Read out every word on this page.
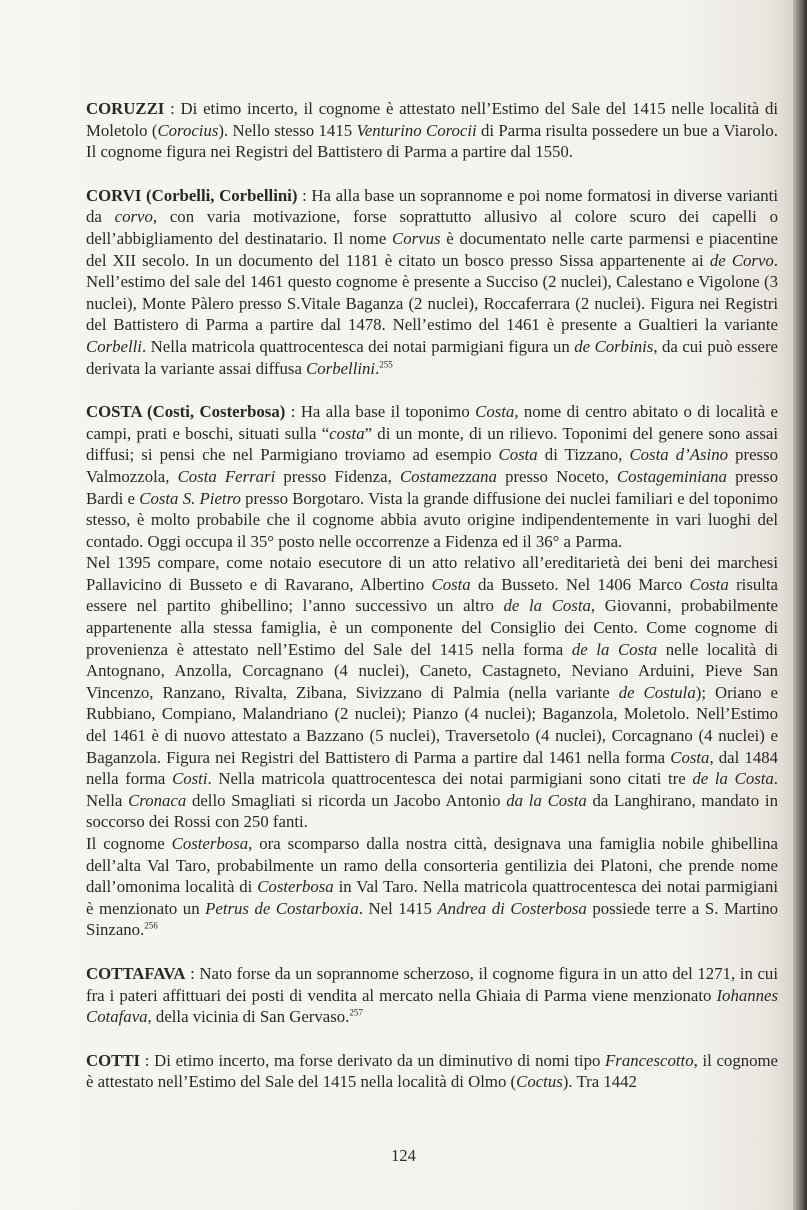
CORUZZI : Di etimo incerto, il cognome è attestato nell’Estimo del Sale del 1415 nelle località di Moletolo (Corocius). Nello stesso 1415 Venturino Corocii di Parma risulta possedere un bue a Viarolo. Il cognome figura nei Registri del Battistero di Parma a partire dal 1550.

CORVI (Corbelli, Corbellini) : Ha alla base un soprannome e poi nome formatosi in diverse varianti da corvo, con varia motivazione, forse soprattutto allusivo al colore scuro dei capelli o dell’abbigliamento del destinatario. Il nome Corvus è documentato nelle carte parmensi e piacentine del XII secolo. In un documento del 1181 è citato un bosco presso Sissa appartenente ai de Corvo. Nell’estimo del sale del 1461 questo cognome è presente a Succiso (2 nuclei), Calestano e Vigolone (3 nuclei), Monte Pàlero presso S.Vitale Baganza (2 nuclei), Roccaferrara (2 nuclei). Figura nei Registri del Battistero di Parma a partire dal 1478. Nell’estimo del 1461 è presente a Gualtieri la variante Corbelli. Nella matricola quattrocentesca dei notai parmigiani figura un de Corbinis, da cui può essere derivata la variante assai diffusa Corbellini.$^{255}$

COSTA (Costi, Costerbosa) : Ha alla base il toponimo Costa, nome di centro abitato o di località e campi, prati e boschi, situati sulla “costa” di un monte, di un rilievo. Toponimi del genere sono assai diffusi; si pensi che nel Parmigiano troviamo ad esempio Costa di Tizzano, Costa d’Asino presso Valmozzola, Costa Ferrari presso Fidenza, Costamezzana presso Noceto, Costageminiana presso Bardi e Costa S. Pietro presso Borgotaro. Vista la grande diffusione dei nuclei familiari e del toponimo stesso, è molto probabile che il cognome abbia avuto origine indipendentemente in vari luoghi del contado. Oggi occupa il 35° posto nelle occorrenze a Fidenza ed il 36° a Parma.

Nel 1395 compare, come notaio esecutore di un atto relativo all’ereditarietà dei beni dei marchesi Pallavicino di Busseto e di Ravarano, Albertino Costa da Busseto. Nel 1406 Marco Costa risulta essere nel partito ghibellino; l’anno successivo un altro de la Costa, Giovanni, probabilmente appartenente alla stessa famiglia, è un componente del Consiglio dei Cento. Come cognome di provenienza è attestato nell’Estimo del Sale del 1415 nella forma de la Costa nelle località di Antognano, Anzolla, Corcagnano (4 nuclei), Caneto, Castagneto, Neviano Arduini, Pieve San Vincenzo, Ranzano, Rivalta, Zibana, Sivizzano di Palmia (nella variante de Costula); Oriano e Rubbiano, Compiano, Malandriano (2 nuclei); Pianzo (4 nuclei); Baganzola, Moletolo. Nell’Estimo del 1461 è di nuovo attestato a Bazzano (5 nuclei), Traversetolo (4 nuclei), Corcagnano (4 nuclei) e Baganzola. Figura nei Registri del Battistero di Parma a partire dal 1461 nella forma Costa, dal 1484 nella forma Costi. Nella matricola quattrocentesca dei notai parmigiani sono citati tre de la Costa. Nella Cronaca dello Smagliati si ricorda un Jacobo Antonio da la Costa da Langhirano, mandato in soccorso dei Rossi con 250 fanti.

Il cognome Costerbosa, ora scomparso dalla nostra città, designava una famiglia nobile ghibellina dell’alta Val Taro, probabilmente un ramo della consorteria gentilizia dei Platoni, che prende nome dall’omonima località di Costerbosa in Val Taro. Nella matricola quattrocentesca dei notai parmigiani è menzionato un Petrus de Costarboxia. Nel 1415 Andrea di Costerbosa possiede terre a S. Martino Sinzano.$^{256}$

COTTAFAVA : Nato forse da un soprannome scherzoso, il cognome figura in un atto del 1271, in cui fra i pateri affittuari dei posti di vendita al mercato nella Ghiaia di Parma viene menzionato Iohannes Cotafava, della vicinia di San Gervaso.$^{257}$

COTTI : Di etimo incerto, ma forse derivato da un diminutivo di nomi tipo Francescotto, il cognome è attestato nell’Estimo del Sale del 1415 nella località di Olmo (Coctus). Tra 1442

124
